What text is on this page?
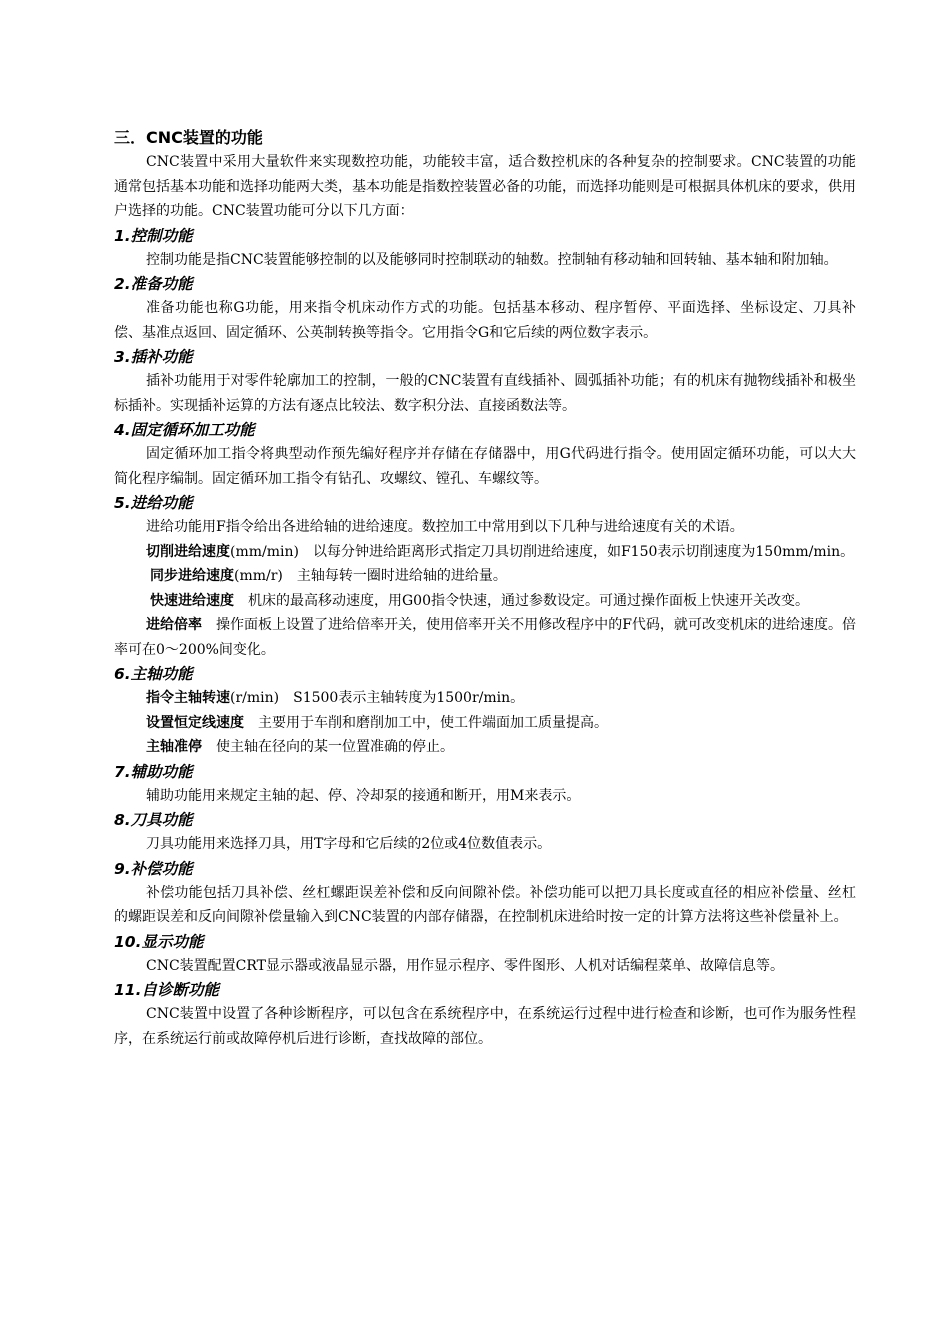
三．CNC装置的功能

CNC装置中采用大量软件来实现数控功能，功能较丰富，适合数控机床的各种复杂的控制要求。CNC装置的功能通常包括基本功能和选择功能两大类，基本功能是指数控装置必备的功能，而选择功能则是可根据具体机床的要求，供用户选择的功能。CNC装置功能可分以下几方面：

1.控制功能

控制功能是指CNC装置能够控制的以及能够同时控制联动的轴数。控制轴有移动轴和回转轴、基本轴和附加轴。

2.准备功能

准备功能也称G功能，用来指令机床动作方式的功能。包括基本移动、程序暂停、平面选择、坐标设定、刀具补偿、基准点返回、固定循环、公英制转换等指令。它用指令G和它后续的两位数字表示。

3.插补功能

插补功能用于对零件轮廓加工的控制，一般的CNC装置有直线插补、圆弧插补功能；有的机床有抛物线插补和极坐标插补。实现插补运算的方法有逐点比较法、数字积分法、直接函数法等。

4.固定循环加工功能

固定循环加工指令将典型动作预先编好程序并存储在存储器中，用G代码进行指令。使用固定循环功能，可以大大简化程序编制。固定循环加工指令有钻孔、攻螺纹、镗孔、车螺纹等。

5.进给功能

进给功能用F指令给出各进给轴的进给速度。数控加工中常用到以下几种与进给速度有关的术语。

切削进给速度(mm/min) 以每分钟进给距离形式指定刀具切削进给速度，如F150表示切削速度为150mm/min。

同步进给速度(mm/r) 主轴每转一圈时进给轴的进给量。

快速进给速度 机床的最高移动速度，用G00指令快速，通过参数设定。可通过操作面板上快速开关改变。

进给倍率 操作面板上设置了进给倍率开关，使用倍率开关不用修改程序中的F代码，就可改变机床的进给速度。倍率可在0～200%间变化。

6.主轴功能

指令主轴转速(r/min) S1500表示主轴转度为1500r/min。

设置恒定线速度 主要用于车削和磨削加工中，使工件端面加工质量提高。

主轴准停 使主轴在径向的某一位置准确的停止。

7.辅助功能

辅助功能用来规定主轴的起、停、冷却泵的接通和断开，用M来表示。

8.刀具功能

刀具功能用来选择刀具，用T字母和它后续的2位或4位数值表示。

9.补偿功能

补偿功能包括刀具补偿、丝杠螺距误差补偿和反向间隙补偿。补偿功能可以把刀具长度或直径的相应补偿量、丝杠的螺距误差和反向间隙补偿量输入到CNC装置的内部存储器，在控制机床进给时按一定的计算方法将这些补偿量补上。

10.显示功能

CNC装置配置CRT显示器或液晶显示器，用作显示程序、零件图形、人机对话编程菜单、故障信息等。

11.自诊断功能

CNC装置中设置了各种诊断程序，可以包含在系统程序中，在系统运行过程中进行检查和诊断，也可作为服务性程序，在系统运行前或故障停机后进行诊断，查找故障的部位。
